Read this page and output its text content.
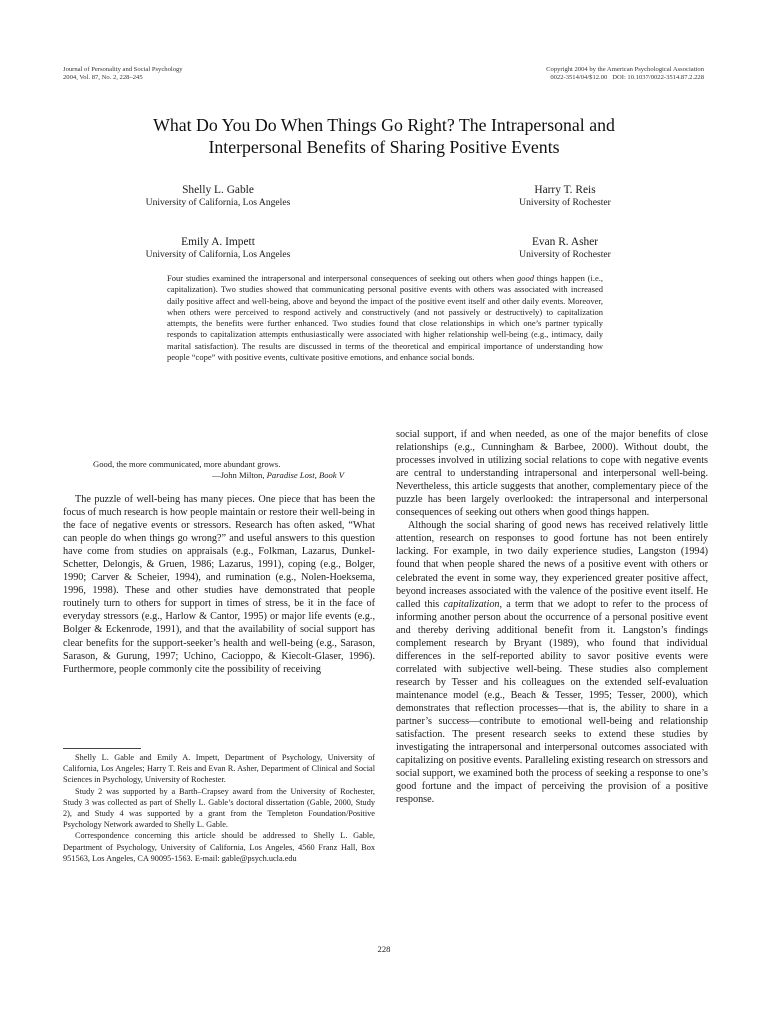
Journal of Personality and Social Psychology
2004, Vol. 87, No. 2, 228–245
Copyright 2004 by the American Psychological Association
0022-3514/04/$12.00   DOI: 10.1037/0022-3514.87.2.228
What Do You Do When Things Go Right? The Intrapersonal and
Interpersonal Benefits of Sharing Positive Events
Shelly L. Gable
University of California, Los Angeles
Harry T. Reis
University of Rochester
Emily A. Impett
University of California, Los Angeles
Evan R. Asher
University of Rochester
Four studies examined the intrapersonal and interpersonal consequences of seeking out others when good things happen (i.e., capitalization). Two studies showed that communicating personal positive events with others was associated with increased daily positive affect and well-being, above and beyond the impact of the positive event itself and other daily events. Moreover, when others were perceived to respond actively and constructively (and not passively or destructively) to capitalization attempts, the benefits were further enhanced. Two studies found that close relationships in which one’s partner typically responds to capitalization attempts enthusiastically were associated with higher relationship well-being (e.g., intimacy, daily marital satisfaction). The results are discussed in terms of the theoretical and empirical importance of understanding how people “cope” with positive events, cultivate positive emotions, and enhance social bonds.
Good, the more communicated, more abundant grows.
—John Milton, Paradise Lost, Book V

The puzzle of well-being has many pieces. One piece that has been the focus of much research is how people maintain or restore their well-being in the face of negative events or stressors. Research has often asked, “What can people do when things go wrong?” and useful answers to this question have come from studies on appraisals (e.g., Folkman, Lazarus, Dunkel-Schetter, Delongis, & Gruen, 1986; Lazarus, 1991), coping (e.g., Bolger, 1990; Carver & Scheier, 1994), and rumination (e.g., Nolen-Hoeksema, 1996, 1998). These and other studies have demonstrated that people routinely turn to others for support in times of stress, be it in the face of everyday stressors (e.g., Harlow & Cantor, 1995) or major life events (e.g., Bolger & Eckenrode, 1991), and that the availability of social support has clear benefits for the support-seeker’s health and well-being (e.g., Sarason, Sarason, & Gurung, 1997; Uchino, Cacioppo, & Kiecolt-Glaser, 1996). Furthermore, people commonly cite the possibility of receiving

Shelly L. Gable and Emily A. Impett, Department of Psychology, University of California, Los Angeles; Harry T. Reis and Evan R. Asher, Department of Clinical and Social Sciences in Psychology, University of Rochester.

Study 2 was supported by a Barth–Crapsey award from the University of Rochester, Study 3 was collected as part of Shelly L. Gable’s doctoral dissertation (Gable, 2000, Study 2), and Study 4 was supported by a grant from the Templeton Foundation/Positive Psychology Network awarded to Shelly L. Gable.

Correspondence concerning this article should be addressed to Shelly L. Gable, Department of Psychology, University of California, Los Angeles, 4560 Franz Hall, Box 951563, Los Angeles, CA 90095-1563. E-mail: gable@psych.ucla.edu

social support, if and when needed, as one of the major benefits of close relationships (e.g., Cunningham & Barbee, 2000). Without doubt, the processes involved in utilizing social relations to cope with negative events are central to understanding intrapersonal and interpersonal well-being. Nevertheless, this article suggests that another, complementary piece of the puzzle has been largely overlooked: the intrapersonal and interpersonal consequences of seeking out others when good things happen.

Although the social sharing of good news has received relatively little attention, research on responses to good fortune has not been entirely lacking. For example, in two daily experience studies, Langston (1994) found that when people shared the news of a positive event with others or celebrated the event in some way, they experienced greater positive affect, beyond increases associated with the valence of the positive event itself. He called this capitalization, a term that we adopt to refer to the process of informing another person about the occurrence of a personal positive event and thereby deriving additional benefit from it. Langston’s findings complement research by Bryant (1989), who found that individual differences in the self-reported ability to savor positive events were correlated with subjective well-being. These studies also complement research by Tesser and his colleagues on the extended self-evaluation maintenance model (e.g., Beach & Tesser, 1995; Tesser, 2000), which demonstrates that reflection processes—that is, the ability to share in a partner’s success—contribute to emotional well-being and relationship satisfaction. The present research seeks to extend these studies by investigating the intrapersonal and interpersonal outcomes associated with capitalizing on positive events. Paralleling existing research on stressors and social support, we examined both the process of seeking a response to one’s good fortune and the impact of perceiving the provision of a positive response.

228
